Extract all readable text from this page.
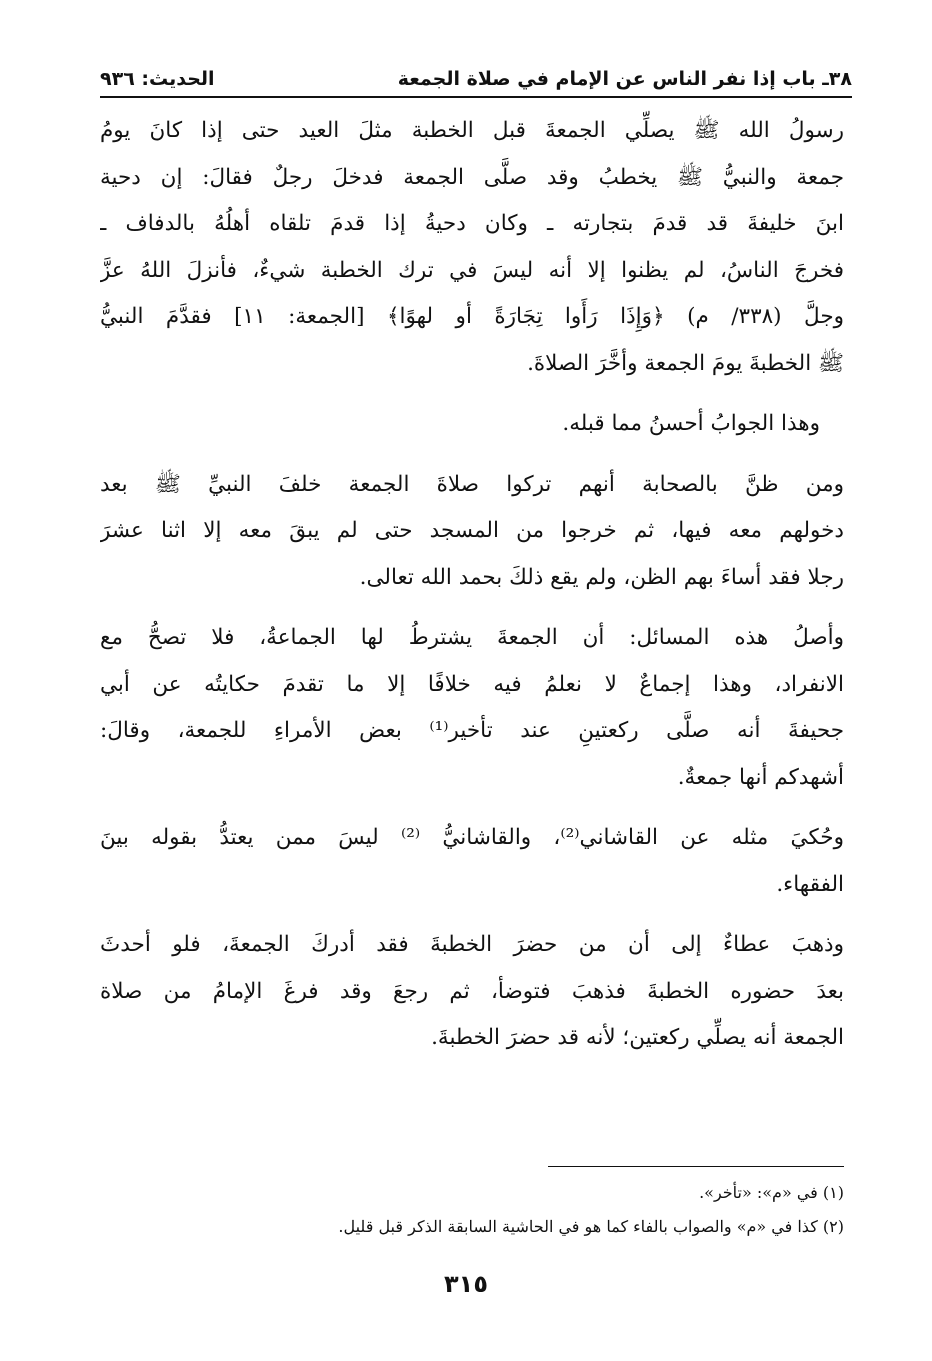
٣٨ـ باب إذا نفر الناس عن الإمام في صلاة الجمعة
الحديث: ٩٣٦
رسولُ الله ﷺ يصلِّي الجمعةَ قبل الخطبة مثلَ العيد حتى إذا كانَ يومُ
جمعة والنبيُّ ﷺ يخطبُ وقد صلَّى الجمعة فدخلَ رجلٌ فقالَ: إن دحية
ابنَ خليفةَ قد قدمَ بتجارته ـ وكان دحيةُ إذا قدمَ تلقاه أهلُهُ بالدفاف ـ
فخرجَ الناسُ، لم يظنوا إلا أنه ليسَ في ترك الخطبة شيءٌ، فأنزلَ اللهُ عزَّ
وجلَّ (٣٣٨/ م) ﴿وَإِذَا رَأَوا تِجَارَةً أو لهوًا﴾ [الجمعة: ١١] فقدَّمَ النبيُّ
ﷺ الخطبةَ يومَ الجمعة وأخَّرَ الصلاةَ.
وهذا الجوابُ أحسنُ مما قبله.
ومن ظنَّ بالصحابة أنهم تركوا صلاةَ الجمعة خلفَ النبيِّ ﷺ بعد
دخولهم معه فيها، ثم خرجوا من المسجد حتى لم يبقَ معه إلا اثنا عشرَ
رجلا فقد أساءَ بهم الظن، ولم يقع ذلكَ بحمد الله تعالى.
وأصلُ هذه المسائل: أن الجمعةَ يشترطُ لها الجماعةُ، فلا تصحُّ مع
الانفراد، وهذا إجماعٌ لا نعلمُ فيه خلافًا إلا ما تقدمَ حكايتُه عن أبي
جحيفةَ أنه صلَّى ركعتينِ عند تأخير⁽¹⁾ بعض الأمراءِ للجمعة، وقالَ:
أشهدكم أنها جمعةٌ.
وحُكيَ مثله عن القاشاني⁽²⁾، والقاشانيُّ ⁽²⁾ ليسَ ممن يعتدُّ بقوله بينَ
الفقهاء.
وذهبَ عطاءٌ إلى أن من حضرَ الخطبةَ فقد أدركَ الجمعةَ، فلو أحدثَ
بعدَ حضوره الخطبةَ فذهبَ فتوضأ، ثم رجعَ وقد فرغَ الإمامُ من صلاة
الجمعة أنه يصلِّي ركعتين؛ لأنه قد حضرَ الخطبةَ.
(١) في «م»: «تأخر».
(٢) كذا في «م» والصواب بالفاء كما هو في الحاشية السابقة الذكر قبل قليل.
٣١٥
